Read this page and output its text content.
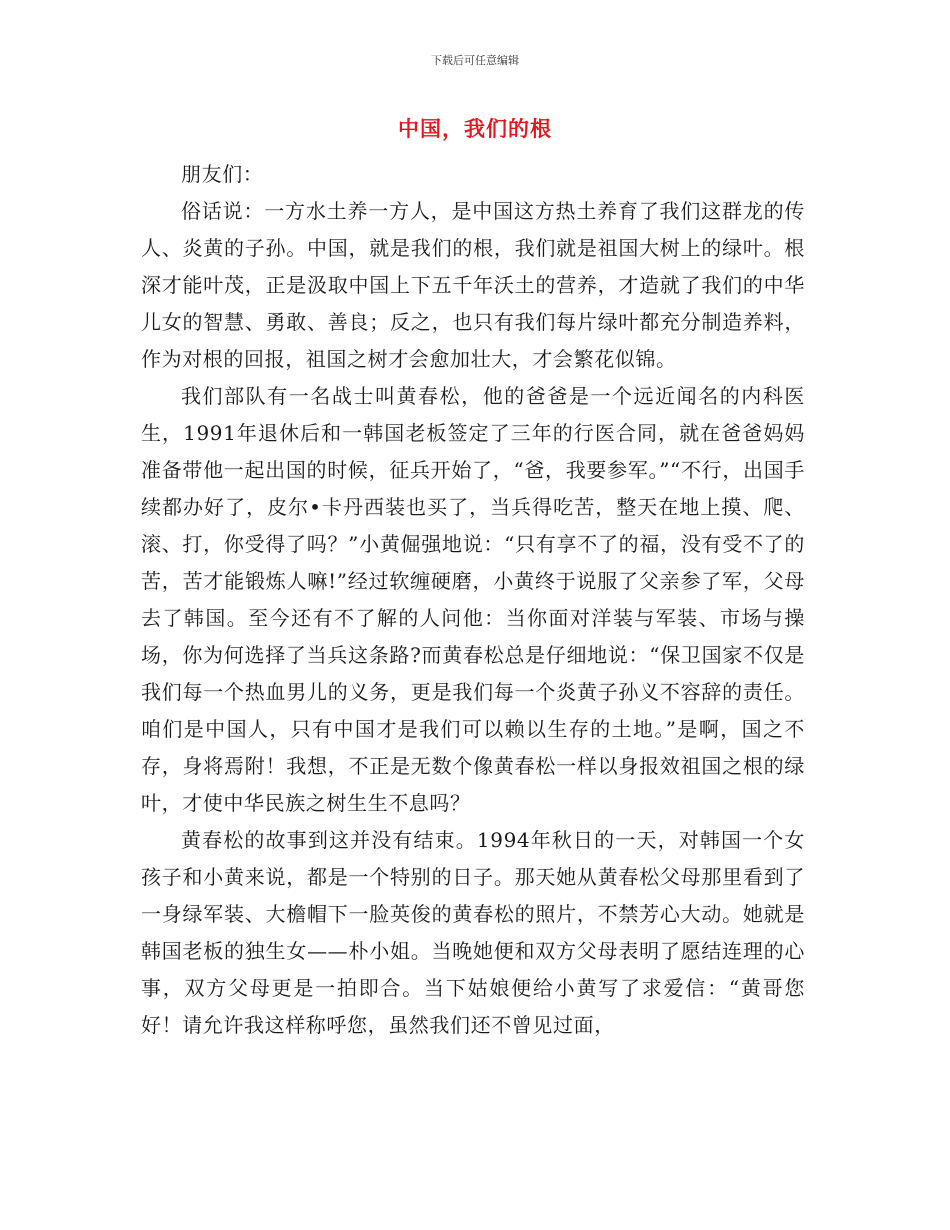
下载后可任意编辑
中国，我们的根

朋友们：

俗话说：一方水土养一方人，是中国这方热土养育了我们这群龙的传人、炎黄的子孙。中国，就是我们的根，我们就是祖国大树上的绿叶。根深才能叶茂，正是汲取中国上下五千年沃土的营养，才造就了我们的中华儿女的智慧、勇敢、善良；反之，也只有我们每片绿叶都充分制造养料，作为对根的回报，祖国之树才会愈加壮大，才会繁花似锦。

我们部队有一名战士叫黄春松，他的爸爸是一个远近闻名的内科医生，1991年退休后和一韩国老板签定了三年的行医合同，就在爸爸妈妈准备带他一起出国的时候，征兵开始了，“爸，我要参军。”“不行，出国手续都办好了，皮尔•卡丹西装也买了，当兵得吃苦，整天在地上摸、爬、滚、打，你受得了吗？”小黄倔强地说：“只有享不了的福，没有受不了的苦，苦才能锻炼人嘛!”经过软缠硬磨，小黄终于说服了父亲参了军，父母去了韩国。至今还有不了解的人问他：当你面对洋装与军装、市场与操场，你为何选择了当兵这条路?而黄春松总是仔细地说：“保卫国家不仅是我们每一个热血男儿的义务，更是我们每一个炎黄子孙义不容辞的责任。咱们是中国人，只有中国才是我们可以赖以生存的土地。”是啊，国之不存，身将焉附！我想，不正是无数个像黄春松一样以身报效祖国之根的绿叶，才使中华民族之树生生不息吗？

黄春松的故事到这并没有结束。1994年秋日的一天，对韩国一个女孩子和小黄来说，都是一个特别的日子。那天她从黄春松父母那里看到了一身绿军装、大檐帽下一脸英俊的黄春松的照片，不禁芳心大动。她就是韩国老板的独生女——朴小姐。当晚她便和双方父母表明了愿结连理的心事，双方父母更是一拍即合。当下姑娘便给小黄写了求爱信：“黄哥您好！请允许我这样称呼您，虽然我们还不曾见过面，
